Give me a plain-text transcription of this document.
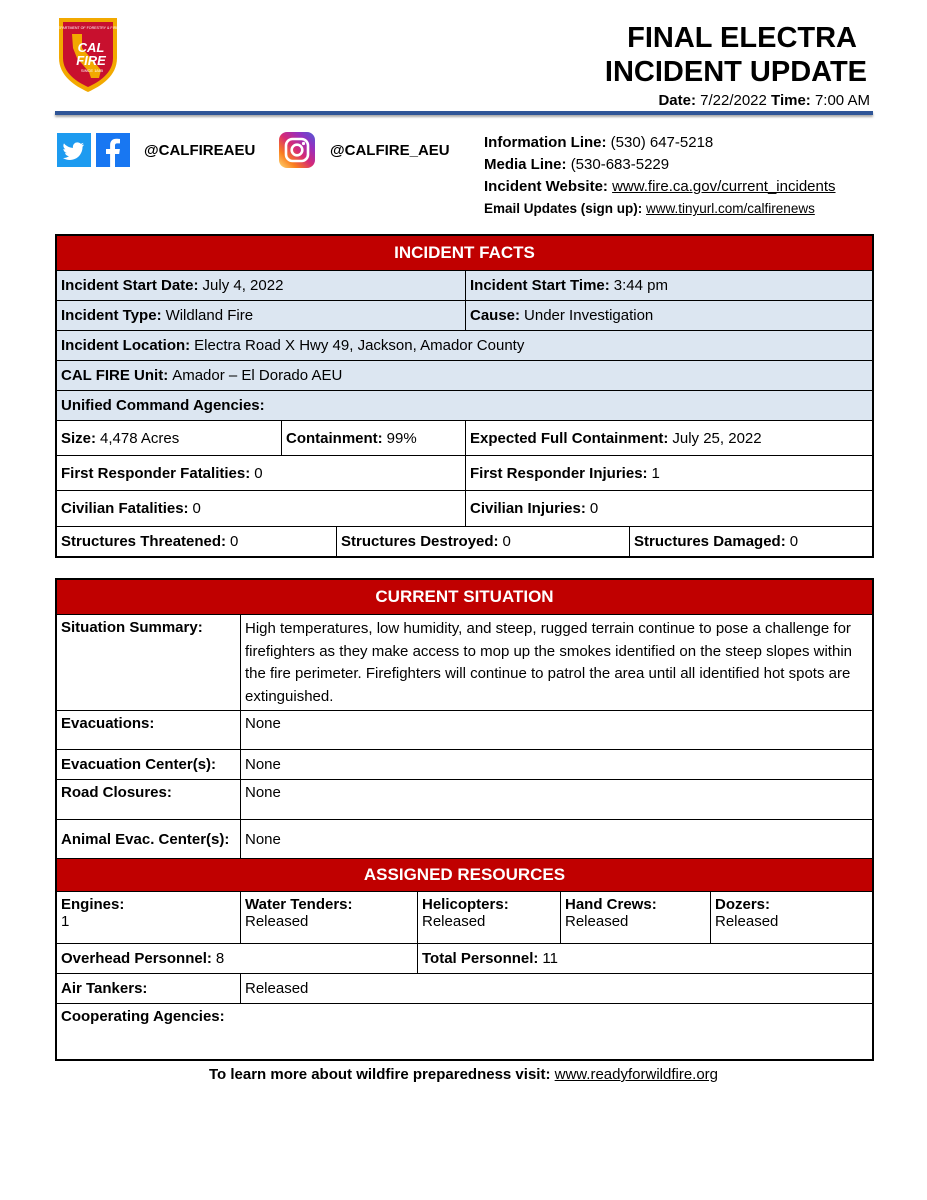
CALIFORNIA DEPARTMENT OF FORESTRY & FIRE PROTECTION
CAL
FIRE
SINCE 1885
FINAL ELECTRA
INCIDENT UPDATE
Date: 7/22/2022 Time: 7:00 AM
@CALFIREAEU	@CALFIRE_AEU Information Line: (530) 647-5218
Media Line: (530-683-5229
Incident Website: www.fire.ca.gov/current_incidents
Email Updates (sign up): www.tinyurl.com/calfirenews
INCIDENT FACTS
Incident Start Date: July 4, 2022	Incident Start Time: 3:44 pm
Incident Type: Wildland Fire	Cause: Under Investigation
Incident Location: Electra Road X Hwy 49, Jackson, Amador County
CAL FIRE Unit: Amador – El Dorado AEU
Unified Command Agencies:
Size: 4,478 Acres	Containment: 99%	Expected Full Containment: July 25, 2022
First Responder Fatalities: 0	First Responder Injuries: 1
Civilian Fatalities: 0	Civilian Injuries: 0
Structures Threatened: 0	Structures Destroyed: 0	Structures Damaged: 0
CURRENT SITUATION
Situation Summary:	High temperatures, low humidity, and steep, rugged terrain continue to pose a challenge for firefighters as they make access to mop up the smokes identified on the steep slopes within the fire perimeter. Firefighters will continue to patrol the area until all identified hot spots are extinguished.
Evacuations:	None
Evacuation Center(s):	None
Road Closures:	None
Animal Evac. Center(s):	None
ASSIGNED RESOURCES
Engines:
1
Water Tenders:
Released
Helicopters:
Released
Hand Crews:
Released
Dozers:
Released
Overhead Personnel: 8	Total Personnel: 11
Air Tankers:	Released
Cooperating Agencies:
To learn more about wildfire preparedness visit: www.readyforwildfire.org
